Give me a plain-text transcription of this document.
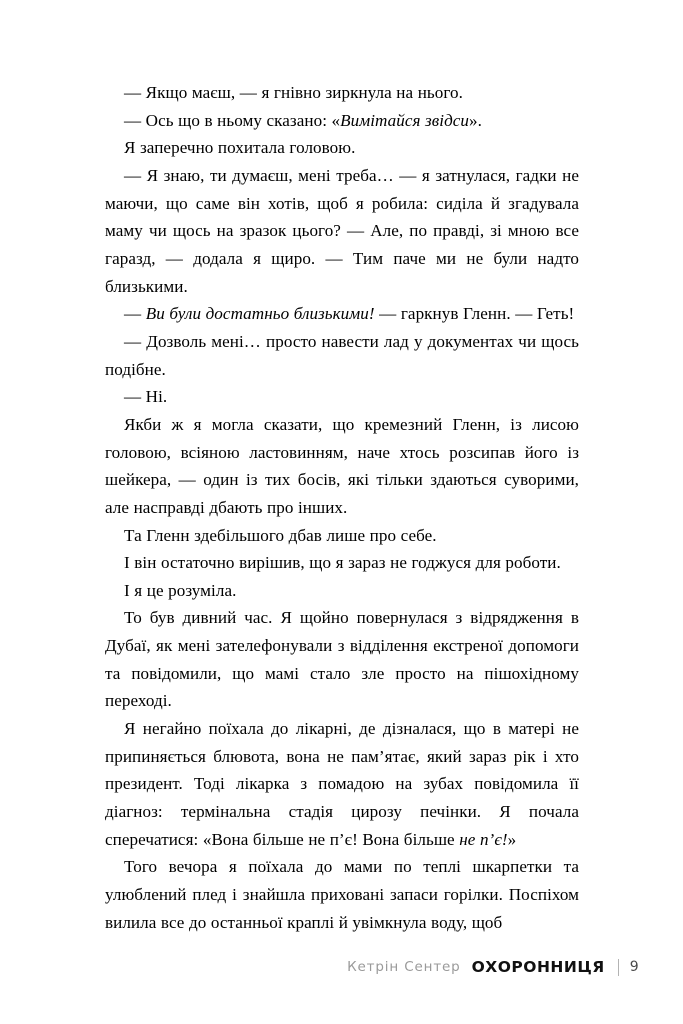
— Якщо маєш, — я гнівно зиркнула на нього.

— Ось що в ньому сказано: «Вимітайся звідси».

Я заперечно похитала головою.

— Я знаю, ти думаєш, мені треба… — я затнулася, гадки не маючи, що саме він хотів, щоб я робила: сиділа й згадувала маму чи щось на зразок цього? — Але, по правді, зі мною все гаразд, — додала я щиро. — Тим паче ми не були надто близькими.

— Ви були достатньо близькими! — гаркнув Гленн. — Геть!

— Дозволь мені… просто навести лад у документах чи щось подібне.

— Ні.

Якби ж я могла сказати, що кремезний Гленн, із лисою головою, всіяною ластовинням, наче хтось розсипав його із шейкера, — один із тих босів, які тільки здаються суворими, але насправді дбають про інших.

Та Гленн здебільшого дбав лише про себе.

І він остаточно вирішив, що я зараз не годжуся для роботи.

І я це розуміла.

То був дивний час. Я щойно повернулася з відрядження в Дубаї, як мені зателефонували з відділення екстреної допомоги та повідомили, що мамі стало зле просто на пішохідному переході.

Я негайно поїхала до лікарні, де дізналася, що в матері не припиняється блювота, вона не пам’ятає, який зараз рік і хто президент. Тоді лікарка з помадою на зубах повідомила її діагноз: термінальна стадія цирозу печінки. Я почала сперечатися: «Вона більше не п’є! Вона більше не п’є!»

Того вечора я поїхала до мами по теплі шкарпетки та улюблений плед і знайшла приховані запаси горілки. Поспіхом вилила все до останньої краплі й увімкнула воду, щоб

Кетрін Сентер ОХОРОННИЦЯ 9
